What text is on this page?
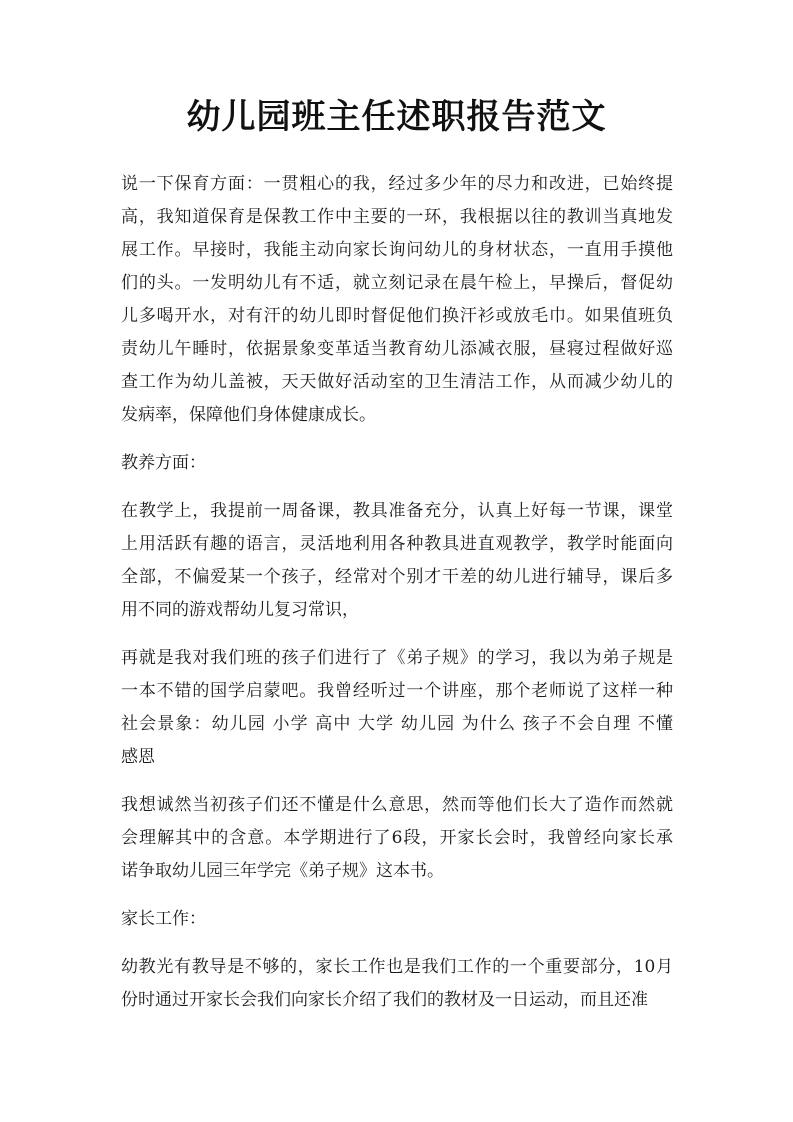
幼儿园班主任述职报告范文
说一下保育方面：一贯粗心的我，经过多少年的尽力和改进，已始终提
高，我知道保育是保教工作中主要的一环，我根据以往的教训当真地发
展工作。早接时，我能主动向家长询问幼儿的身材状态，一直用手摸他
们的头。一发明幼儿有不适，就立刻记录在晨午检上，早操后，督促幼
儿多喝开水，对有汗的幼儿即时督促他们换汗衫或放毛巾。如果值班负
责幼儿午睡时，依据景象变革适当教育幼儿添减衣服，昼寝过程做好巡
查工作为幼儿盖被，天天做好活动室的卫生清洁工作，从而减少幼儿的
发病率，保障他们身体健康成长。
教养方面：
在教学上，我提前一周备课，教具准备充分，认真上好每一节课，课堂
上用活跃有趣的语言，灵活地利用各种教具进直观教学，教学时能面向
全部，不偏爱某一个孩子，经常对个别才干差的幼儿进行辅导，课后多
用不同的游戏帮幼儿复习常识，
再就是我对我们班的孩子们进行了《弟子规》的学习，我以为弟子规是
一本不错的国学启蒙吧。我曾经听过一个讲座，那个老师说了这样一种
社会景象：幼儿园 小学 高中 大学 幼儿园 为什么 孩子不会自理 不懂
感恩
我想诚然当初孩子们还不懂是什么意思，然而等他们长大了造作而然就
会理解其中的含意。本学期进行了6段，开家长会时，我曾经向家长承
诺争取幼儿园三年学完《弟子规》这本书。
家长工作：
幼教光有教导是不够的，家长工作也是我们工作的一个重要部分，10月
份时通过开家长会我们向家长介绍了我们的教材及一日运动，而且还准
